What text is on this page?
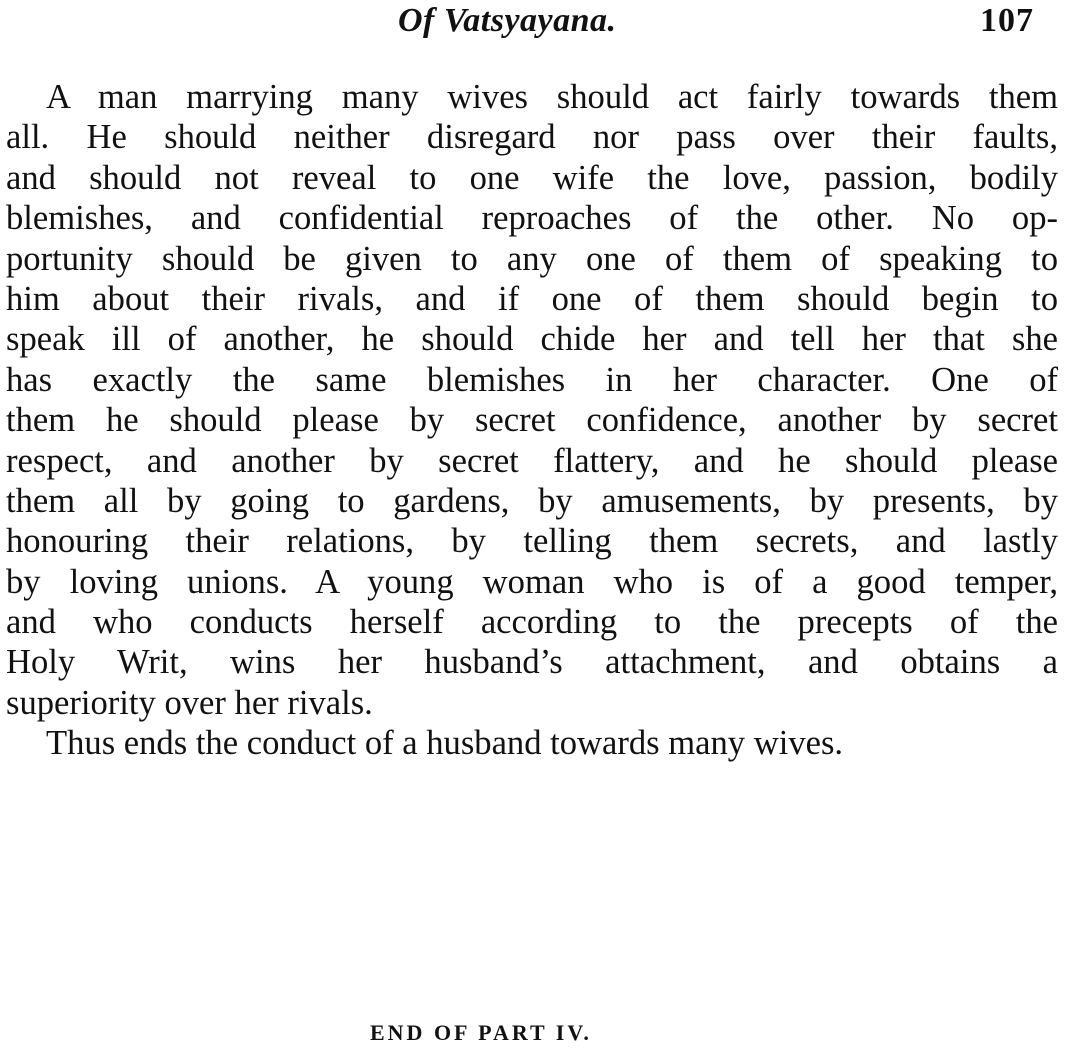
Of Vatsyayana.	107
A man marrying many wives should act fairly towards them
all. He should neither disregard nor pass over their faults,
and should not reveal to one wife the love, passion, bodily
blemishes, and confidential reproaches of the other. No op-
portunity should be given to any one of them of speaking to
him about their rivals, and if one of them should begin to
speak ill of another, he should chide her and tell her that she
has exactly the same blemishes in her character. One of
them he should please by secret confidence, another by secret
respect, and another by secret flattery, and he should please
them all by going to gardens, by amusements, by presents, by
honouring their relations, by telling them secrets, and lastly
by loving unions. A young woman who is of a good temper,
and who conducts herself according to the precepts of the
Holy Writ, wins her husband’s attachment, and obtains a
superiority over her rivals.
Thus ends the conduct of a husband towards many wives.
END OF PART IV.
